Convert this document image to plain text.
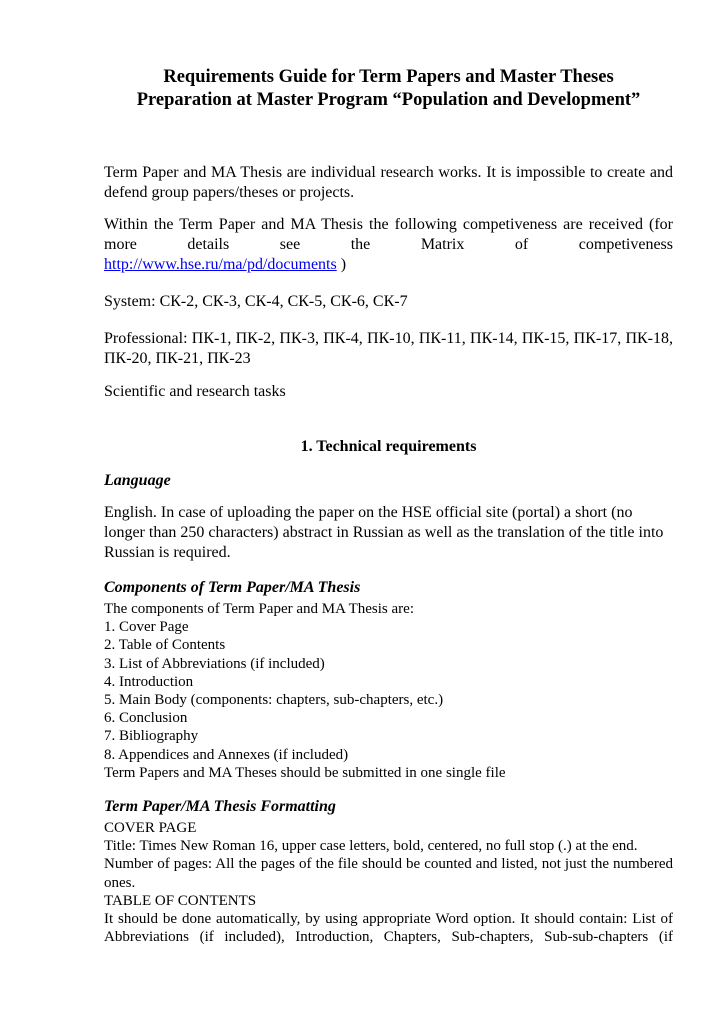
Requirements Guide for Term Papers and Master Theses
Preparation at Master Program “Population and Development”

Term Paper and MA Thesis are individual research works. It is impossible to create and defend group papers/theses or projects.

Within the Term Paper and MA Thesis the following competiveness are received (for more details see the Matrix of competiveness
http://www.hse.ru/ma/pd/documents )

System: СК-2, СК-3, СК-4, СК-5, СК-6, СК-7

Professional: ПК-1, ПК-2, ПК-3, ПК-4, ПК-10, ПК-11, ПК-14, ПК-15, ПК-17, ПК-18, ПК-20, ПК-21, ПК-23

Scientific and research tasks

1. Technical requirements
Language

English. In case of uploading the paper on the HSE official site (portal) a short (no longer than 250 characters) abstract in Russian as well as the translation of the title into Russian is required.

Components of Term Paper/MA Thesis

The components of Term Paper and MA Thesis are:

1. Cover Page
2. Table of Contents
3. List of Abbreviations (if included)
4. Introduction
5. Main Body (components: chapters, sub-chapters, etc.)
6. Conclusion
7. Bibliography
8. Appendices and Annexes (if included)

Term Papers and MA Theses should be submitted in one single file

Term Paper/MA Thesis Formatting

COVER PAGE

Title: Times New Roman 16, upper case letters, bold, centered, no full stop (.) at the end.

Number of pages: All the pages of the file should be counted and listed, not just the numbered ones.

TABLE OF CONTENTS

It should be done automatically, by using appropriate Word option. It should contain: List of Abbreviations (if included), Introduction, Chapters, Sub-chapters, Sub-sub-chapters (if
